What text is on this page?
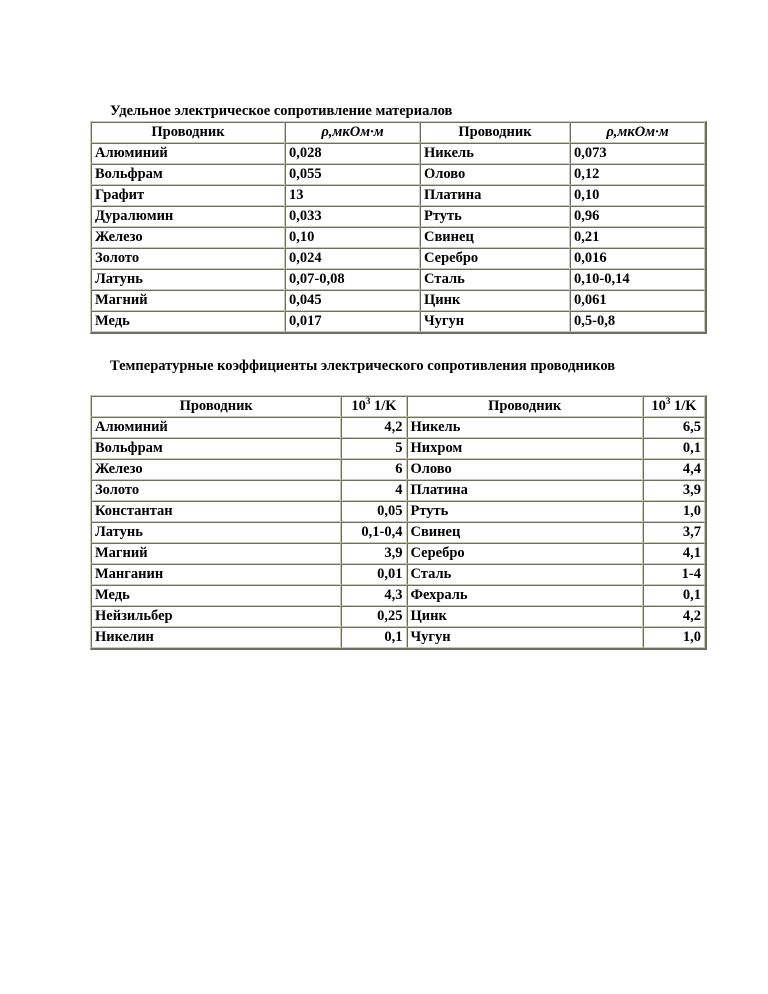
Удельное электрическое сопротивление материалов

Проводник	ρ,мкОм·м	Проводник	ρ,мкОм·м
Алюминий	0,028	Никель	0,073
Вольфрам	0,055	Олово	0,12
Графит	13	Платина	0,10
Дуралюмин	0,033	Ртуть	0,96
Железо	0,10	Свинец	0,21
Золото	0,024	Серебро	0,016
Латунь	0,07-0,08	Сталь	0,10-0,14
Магний	0,045	Цинк	0,061
Медь	0,017	Чугун	0,5-0,8

Температурные коэффициенты электрического сопротивления проводников

Проводник	$10^3$ 1/K	Проводник	$10^3$ 1/K
Алюминий	4,2	Никель	6,5
Вольфрам	5	Нихром	0,1
Железо	6	Олово	4,4
Золото	4	Платина	3,9
Константан	0,05	Ртуть	1,0
Латунь	0,1-0,4	Свинец	3,7
Магний	3,9	Серебро	4,1
Манганин	0,01	Сталь	1-4
Медь	4,3	Фехраль	0,1
Нейзильбер	0,25	Цинк	4,2
Никелин	0,1	Чугун	1,0
